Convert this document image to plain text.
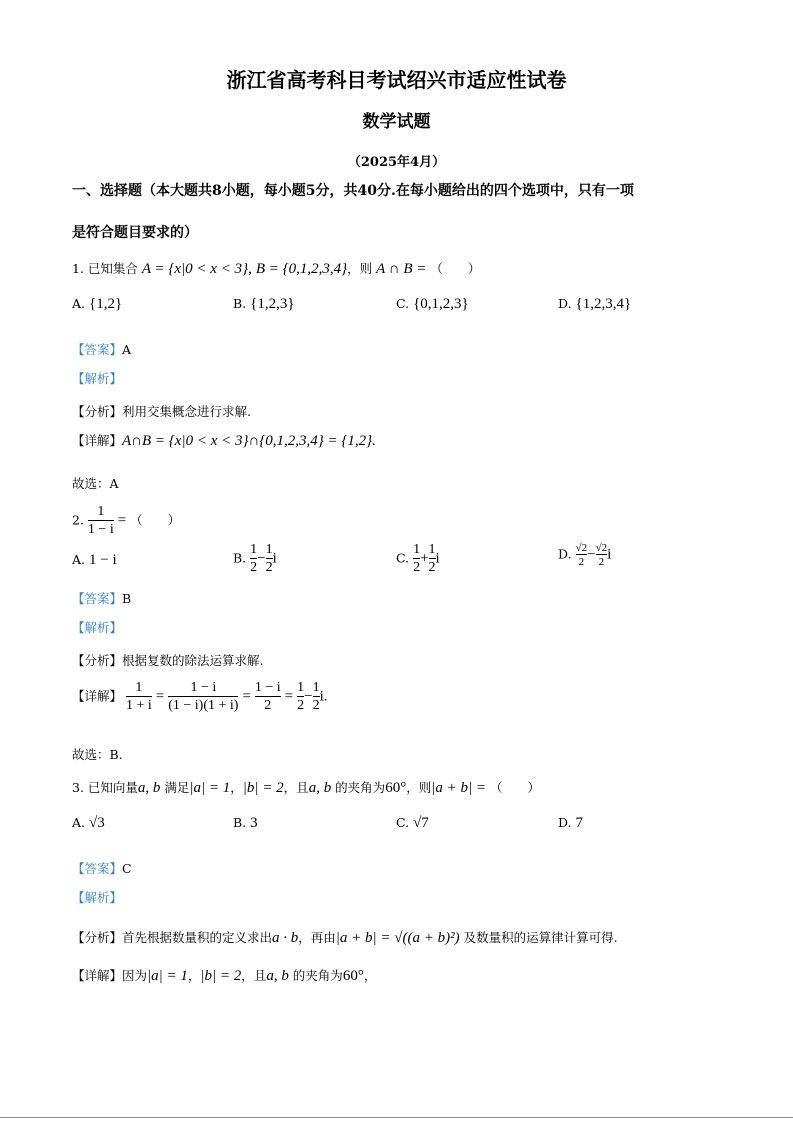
浙江省高考科目考试绍兴市适应性试卷
数学试题
（2025年4月）
一、选择题（本大题共8小题，每小题5分，共40分.在每小题给出的四个选项中，只有一项
是符合题目要求的）
1. 已知集合 A = {x|0 < x < 3}, B = {0,1,2,3,4}，则 A ∩ B = （　　）
A. {1,2}	B. {1,2,3}	C. {0,1,2,3}	D. {1,2,3,4}
【答案】A
【解析】
【分析】利用交集概念进行求解.
【详解】A∩B = {x|0 < x < 3}∩{0,1,2,3,4} = {1,2}.
故选：A
2. $\frac{1}{1 - i}$ = （　　）
A. 1 − i	B. $\frac{1}{2} - \frac{1}{2}$ i	C. $\frac{1}{2} + \frac{1}{2}$ i	D. $\frac{√2}{2} - \frac{√2}{2}$ i
【答案】B
【解析】
【分析】根据复数的除法运算求解.
【详解】 $\frac{1}{1 + i} = \frac{1 - i}{(1 - i)(1 + i)} = \frac{1 - i}{2} = \frac{1}{2} - \frac{1}{2} i$.
故选：B.
3. 已知向量a, b 满足|a| = 1，|b| = 2，且a, b 的夹角为60°，则|a + b| = （　　）
A. √3	B. 3	C. √7	D. 7
【答案】C
【解析】
【分析】首先根据数量积的定义求出a · b，再由|a + b| = √((a + b)²) 及数量积的运算律计算可得.
【详解】因为|a| = 1，|b| = 2，且a, b 的夹角为60°，
